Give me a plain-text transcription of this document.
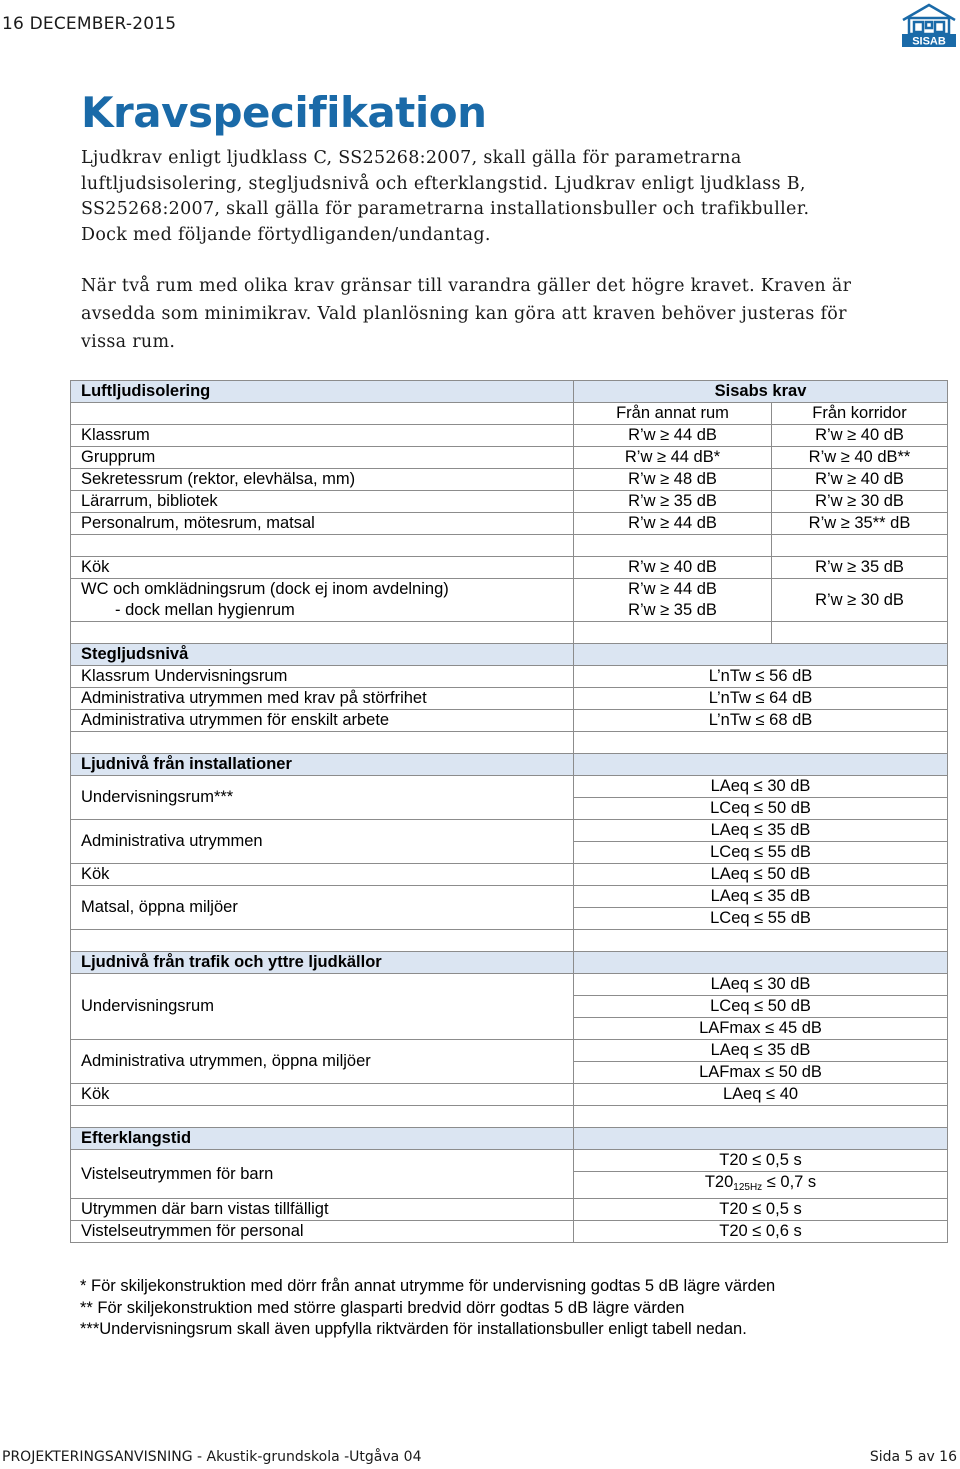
16 DECEMBER-2015
SISAB
Kravspecifikation
Ljudkrav enligt ljudklass C, SS25268:2007, skall gälla för parametrarna
luftljudsisolering, stegljudsnivå och efterklangstid. Ljudkrav enligt ljudklass B,
SS25268:2007, skall gälla för parametrarna installationsbuller och trafikbuller.
Dock med följande förtydliganden/undantag.
När två rum med olika krav gränsar till varandra gäller det högre kravet. Kraven är
avsedda som minimikrav. Vald planlösning kan göra att kraven behöver justeras för
vissa rum.
Luftljudisolering	Sisabs krav	
	Från annat rum	Från korridor
Klassrum	R’w ≥ 44 dB	R’w ≥ 40 dB
Grupprum	R’w ≥ 44 dB*	R’w ≥ 40 dB**
Sekretessrum (rektor, elevhälsa, mm)	R’w ≥ 48 dB	R’w ≥ 40 dB
Lärarrum, bibliotek	R’w ≥ 35 dB	R’w ≥ 30 dB
Personalrum, mötesrum, matsal	R’w ≥ 44 dB	R’w ≥ 35** dB

Kök	R’w ≥ 40 dB	R’w ≥ 35 dB
WC och omklädningsrum (dock ej inom avdelning)	R’w ≥ 44 dB	R’w ≥ 30 dB
- dock mellan hygienrum	R’w ≥ 35 dB	

Stegljudsnivå		
Klassrum Undervisningsrum	L’nTw ≤ 56 dB	
Administrativa utrymmen med krav på störfrihet	L’nTw ≤ 64 dB	
Administrativa utrymmen för enskilt arbete	L’nTw ≤ 68 dB	

Ljudnivå från installationer		
Undervisningsrum***	LAeq ≤ 30 dB	
	LCeq ≤ 50 dB	
Administrativa utrymmen	LAeq ≤ 35 dB	
	LCeq ≤ 55 dB	
Kök	LAeq ≤ 50 dB	
Matsal, öppna miljöer	LAeq ≤ 35 dB	
	LCeq ≤ 55 dB	

Ljudnivå från trafik och yttre ljudkällor		
Undervisningsrum	LAeq ≤ 30 dB	
	LCeq ≤ 50 dB	
	LAFmax ≤ 45 dB	
Administrativa utrymmen, öppna miljöer	LAeq ≤ 35 dB	
	LAFmax ≤ 50 dB	
Kök	LAeq ≤ 40	

Efterklangstid		
Vistelseutrymmen för barn	T20 ≤ 0,5 s	
	$T20_{125Hz} \le 0,7$ s	
Utrymmen där barn vistas tillfälligt	T20 ≤ 0,5 s	
Vistelseutrymmen för personal	T20 ≤ 0,6 s	
* För skiljekonstruktion med dörr från annat utrymme för undervisning godtas 5 dB lägre värden
** För skiljekonstruktion med större glasparti bredvid dörr godtas 5 dB lägre värden
***Undervisningsrum skall även uppfylla riktvärden för installationsbuller enligt tabell nedan.
PROJEKTERINGSANVISNING - Akustik-grundskola -Utgåva 04	Sida 5 av 16
